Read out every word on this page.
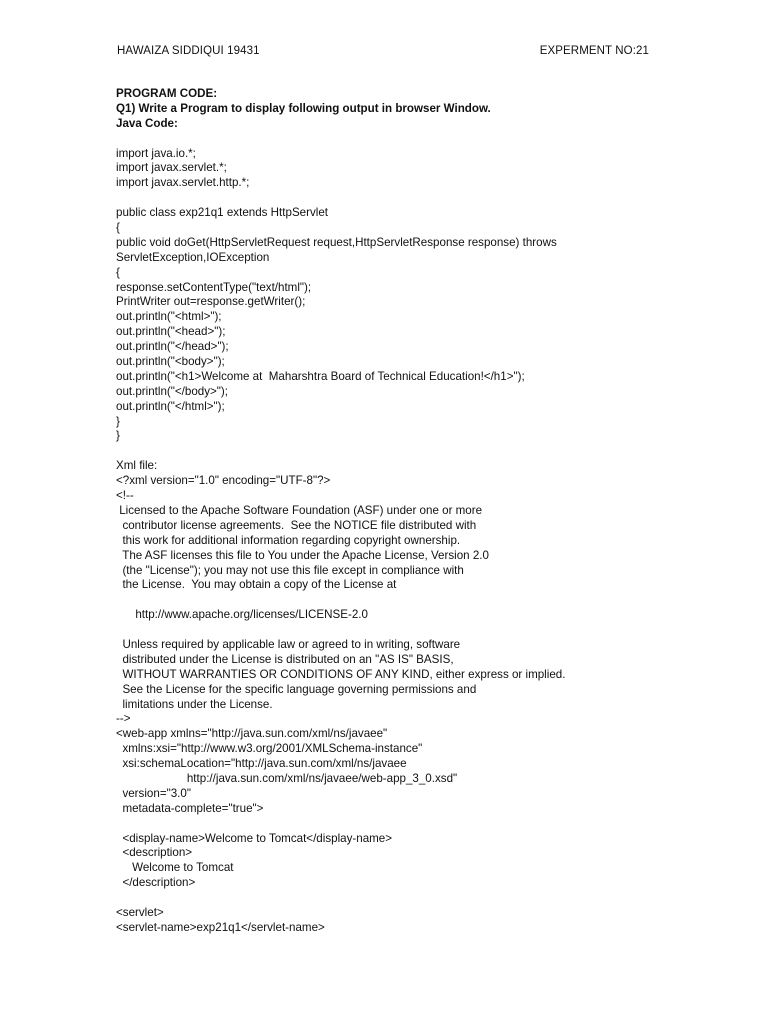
HAWAIZA SIDDIQUI 19431	EXPERMENT NO:21
PROGRAM CODE:
Q1) Write a Program to display following output in browser Window.
Java Code:
import java.io.*;
import javax.servlet.*;
import javax.servlet.http.*;
public class exp21q1 extends HttpServlet
{
public void doGet(HttpServletRequest request,HttpServletResponse response) throws
ServletException,IOException
{
response.setContentType("text/html");
PrintWriter out=response.getWriter();
out.println("<html>");
out.println("<head>");
out.println("</head>");
out.println("<body>");
out.println("<h1>Welcome at  Maharshtra Board of Technical Education!</h1>");
out.println("</body>");
out.println("</html>");
}
}
Xml file:
<?xml version="1.0" encoding="UTF-8"?>
<!--
Licensed to the Apache Software Foundation (ASF) under one or more
contributor license agreements.  See the NOTICE file distributed with
this work for additional information regarding copyright ownership.
The ASF licenses this file to You under the Apache License, Version 2.0
(the "License"); you may not use this file except in compliance with
the License.  You may obtain a copy of the License at
http://www.apache.org/licenses/LICENSE-2.0
Unless required by applicable law or agreed to in writing, software
distributed under the License is distributed on an "AS IS" BASIS,
WITHOUT WARRANTIES OR CONDITIONS OF ANY KIND, either express or implied.
See the License for the specific language governing permissions and
limitations under the License.
-->
<web-app xmlns="http://java.sun.com/xml/ns/javaee"
xmlns:xsi="http://www.w3.org/2001/XMLSchema-instance"
xsi:schemaLocation="http://java.sun.com/xml/ns/javaee
http://java.sun.com/xml/ns/javaee/web-app_3_0.xsd"
version="3.0"
metadata-complete="true">
<display-name>Welcome to Tomcat</display-name>
<description>
Welcome to Tomcat
</description>
<servlet>
<servlet-name>exp21q1</servlet-name>
